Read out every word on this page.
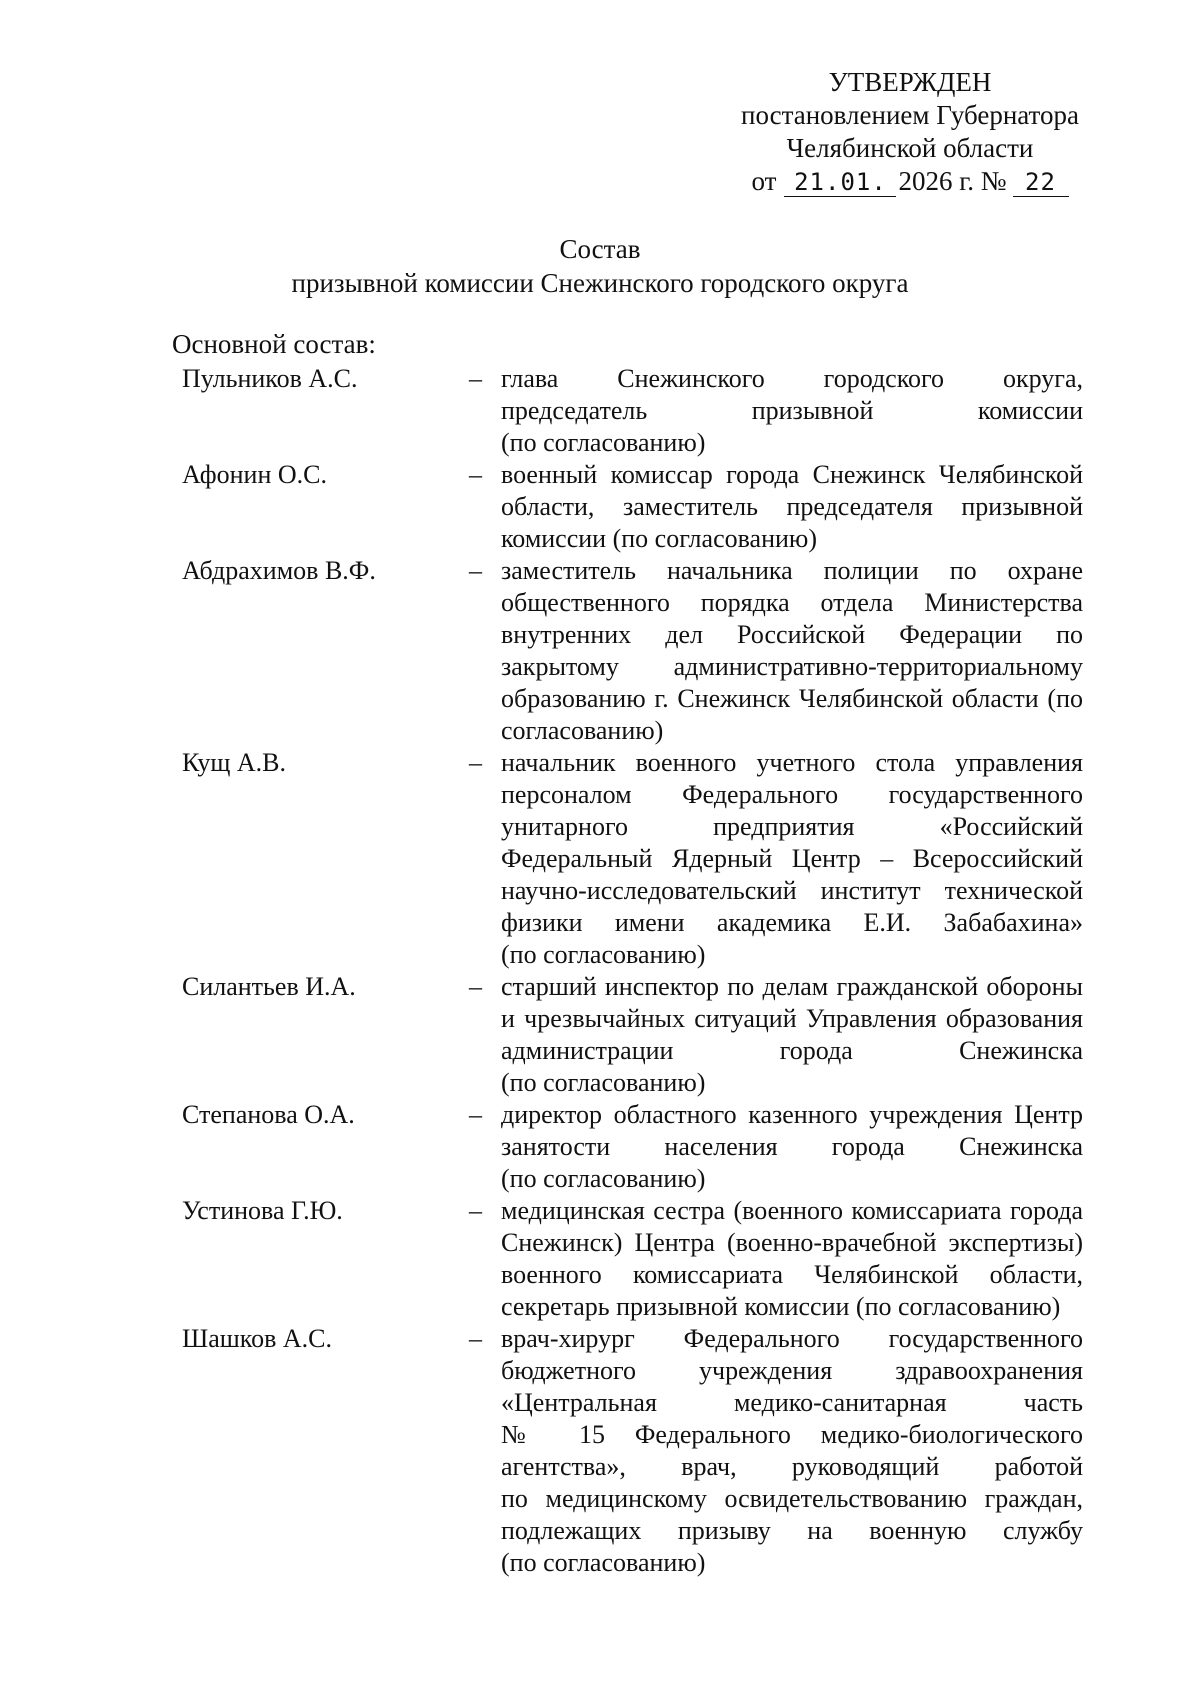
УТВЕРЖДЕН
постановлением Губернатора
Челябинской области
от 21.01. 2026 г. № 22
Состав
призывной комиссии Снежинского городского округа
Основной состав:
Пульников А.С.	– глава Снежинского городского округа,
председатель призывной комиссии
(по согласованию)
Афонин О.С.	– военный комиссар города Снежинск Челябинской
области, заместитель председателя призывной
комиссии (по согласованию)
Абдрахимов В.Ф.	– заместитель начальника полиции по охране
общественного порядка отдела Министерства
внутренних дел Российской Федерации по
закрытому административно-территориальному
образованию г. Снежинск Челябинской области (по
согласованию)
Кущ А.В.	– начальник военного учетного стола управления
персоналом Федерального государственного
унитарного предприятия «Российский
Федеральный Ядерный Центр – Всероссийский
научно-исследовательский институт технической
физики имени академика Е.И. Забабахина»
(по согласованию)
Силантьев И.А.	– старший инспектор по делам гражданской обороны
и чрезвычайных ситуаций Управления образования
администрации города Снежинска
(по согласованию)
Степанова О.А.	– директор областного казенного учреждения Центр
занятости населения города Снежинска
(по согласованию)
Устинова Г.Ю.	– медицинская сестра (военного комиссариата города
Снежинск) Центра (военно-врачебной экспертизы)
военного комиссариата Челябинской области,
секретарь призывной комиссии (по согласованию)
Шашков А.С.	– врач-хирург Федерального государственного
бюджетного учреждения здравоохранения
«Центральная медико-санитарная часть
№ 15 Федерального медико-биологического
агентства», врач, руководящий работой
по медицинскому освидетельствованию граждан,
подлежащих призыву на военную службу
(по согласованию)
